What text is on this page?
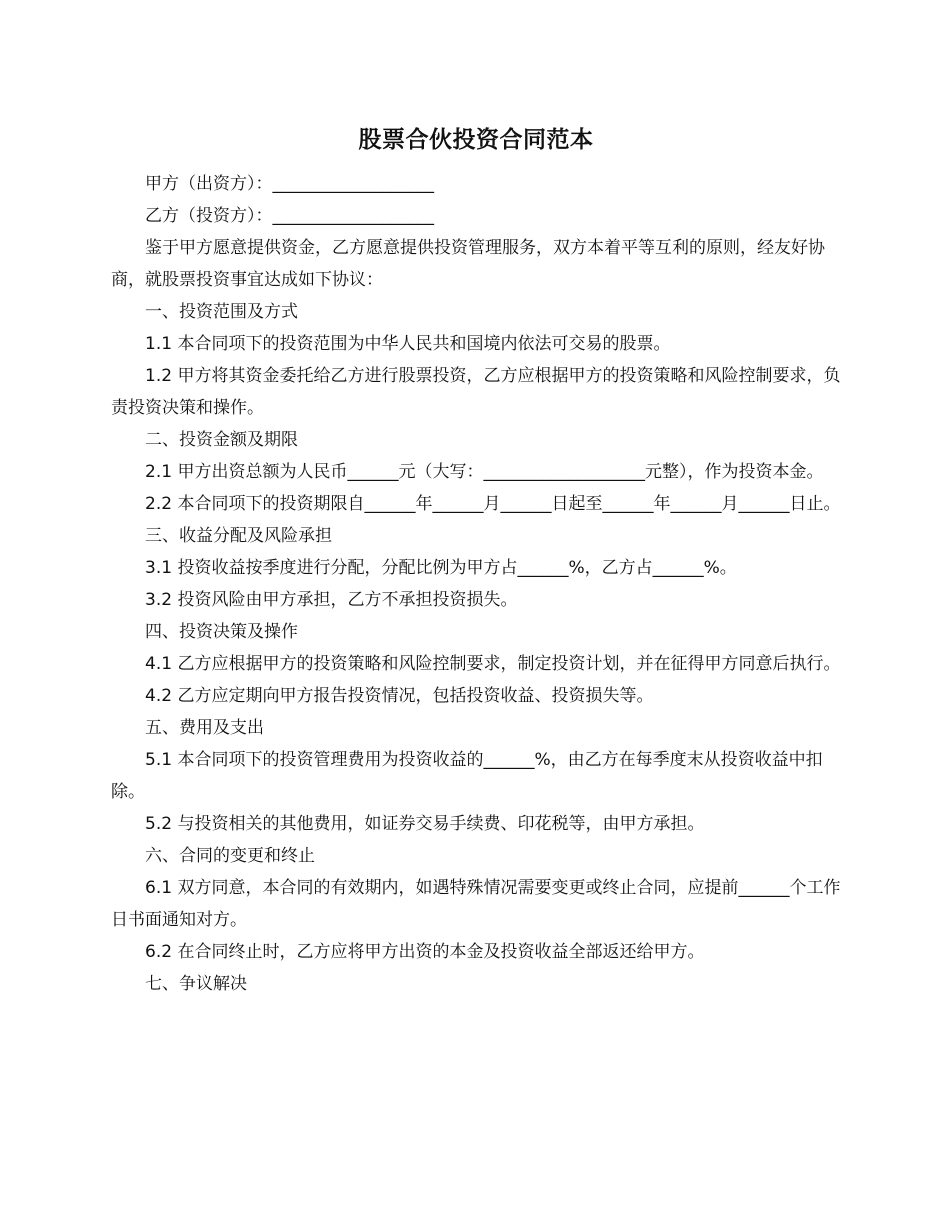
股票合伙投资合同范本

甲方（出资方）：___________________

乙方（投资方）：___________________

鉴于甲方愿意提供资金，乙方愿意提供投资管理服务，双方本着平等互利的原则，经友好协商，就股票投资事宜达成如下协议：

一、投资范围及方式

1.1 本合同项下的投资范围为中华人民共和国境内依法可交易的股票。

1.2 甲方将其资金委托给乙方进行股票投资，乙方应根据甲方的投资策略和风险控制要求，负责投资决策和操作。

二、投资金额及期限

2.1 甲方出资总额为人民币______元（大写：___________________元整），作为投资本金。

2.2 本合同项下的投资期限自______年______月______日起至______年______月______日止。

三、收益分配及风险承担

3.1 投资收益按季度进行分配，分配比例为甲方占______%，乙方占______%。

3.2 投资风险由甲方承担，乙方不承担投资损失。

四、投资决策及操作

4.1 乙方应根据甲方的投资策略和风险控制要求，制定投资计划，并在征得甲方同意后执行。

4.2 乙方应定期向甲方报告投资情况，包括投资收益、投资损失等。

五、费用及支出

5.1 本合同项下的投资管理费用为投资收益的______%，由乙方在每季度末从投资收益中扣除。

5.2 与投资相关的其他费用，如证券交易手续费、印花税等，由甲方承担。

六、合同的变更和终止

6.1 双方同意，本合同的有效期内，如遇特殊情况需要变更或终止合同，应提前______个工作日书面通知对方。

6.2 在合同终止时，乙方应将甲方出资的本金及投资收益全部返还给甲方。

七、争议解决
